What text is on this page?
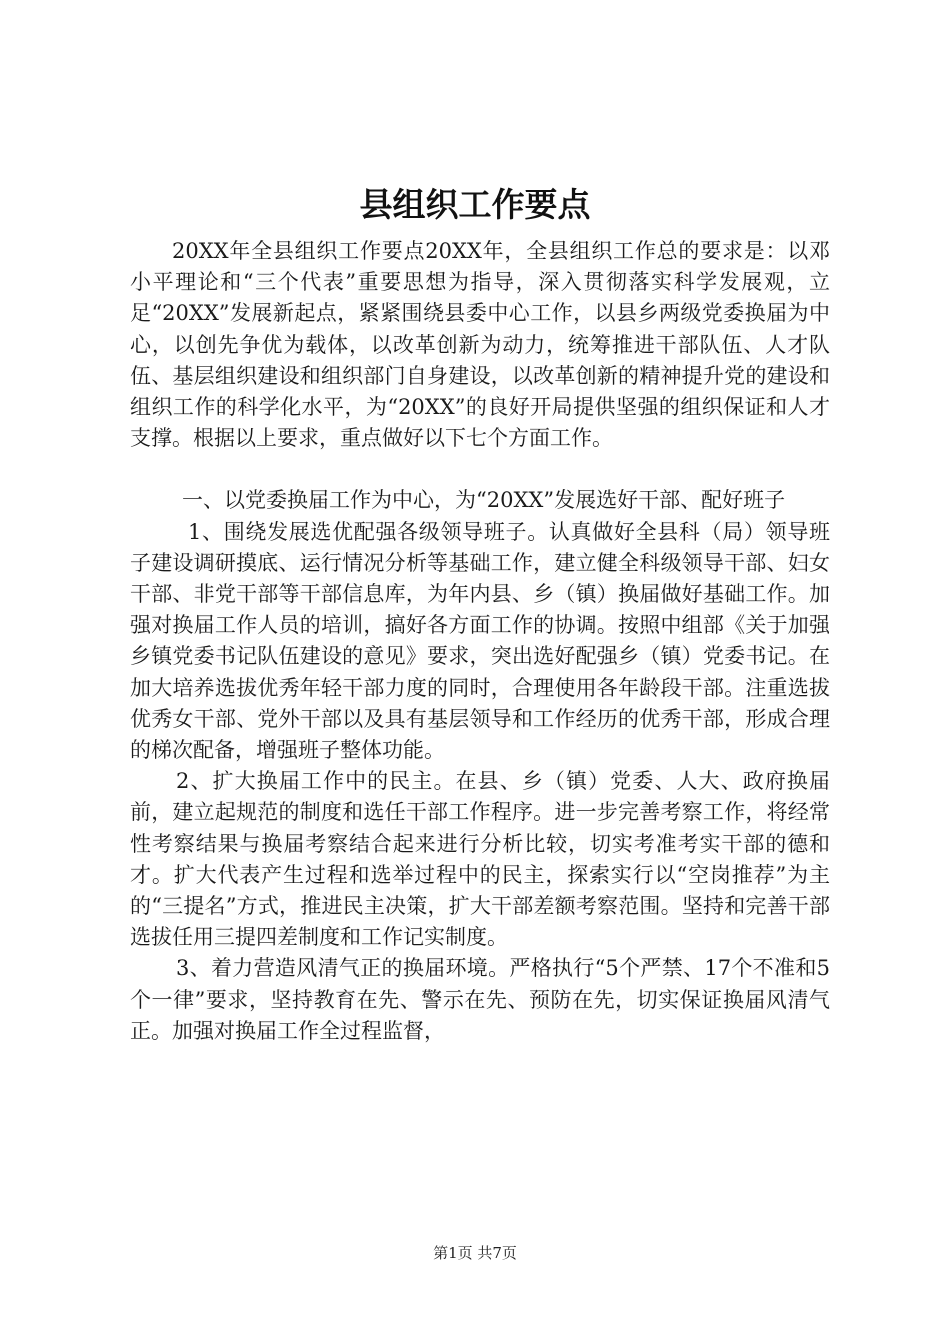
县组织工作要点

20XX年全县组织工作要点20XX年，全县组织工作总的要求是：以邓小平理论和“三个代表”重要思想为指导，深入贯彻落实科学发展观，立足“20XX”发展新起点，紧紧围绕县委中心工作，以县乡两级党委换届为中心，以创先争优为载体，以改革创新为动力，统筹推进干部队伍、人才队伍、基层组织建设和组织部门自身建设，以改革创新的精神提升党的建设和组织工作的科学化水平，为“20XX”的良好开局提供坚强的组织保证和人才支撑。根据以上要求，重点做好以下七个方面工作。

一、以党委换届工作为中心，为“20XX”发展选好干部、配好班子

1、围绕发展选优配强各级领导班子。认真做好全县科（局）领导班子建设调研摸底、运行情况分析等基础工作，建立健全科级领导干部、妇女干部、非党干部等干部信息库，为年内县、乡（镇）换届做好基础工作。加强对换届工作人员的培训，搞好各方面工作的协调。按照中组部《关于加强乡镇党委书记队伍建设的意见》要求，突出选好配强乡（镇）党委书记。在加大培养选拔优秀年轻干部力度的同时，合理使用各年龄段干部。注重选拔优秀女干部、党外干部以及具有基层领导和工作经历的优秀干部，形成合理的梯次配备，增强班子整体功能。

2、扩大换届工作中的民主。在县、乡（镇）党委、人大、政府换届前，建立起规范的制度和选任干部工作程序。进一步完善考察工作，将经常性考察结果与换届考察结合起来进行分析比较，切实考准考实干部的德和才。扩大代表产生过程和选举过程中的民主，探索实行以“空岗推荐”为主的“三提名”方式，推进民主决策，扩大干部差额考察范围。坚持和完善干部选拔任用三提四差制度和工作记实制度。

3、着力营造风清气正的换届环境。严格执行“5个严禁、17个不准和5个一律”要求，坚持教育在先、警示在先、预防在先，切实保证换届风清气正。加强对换届工作全过程监督，

第1页 共7页
